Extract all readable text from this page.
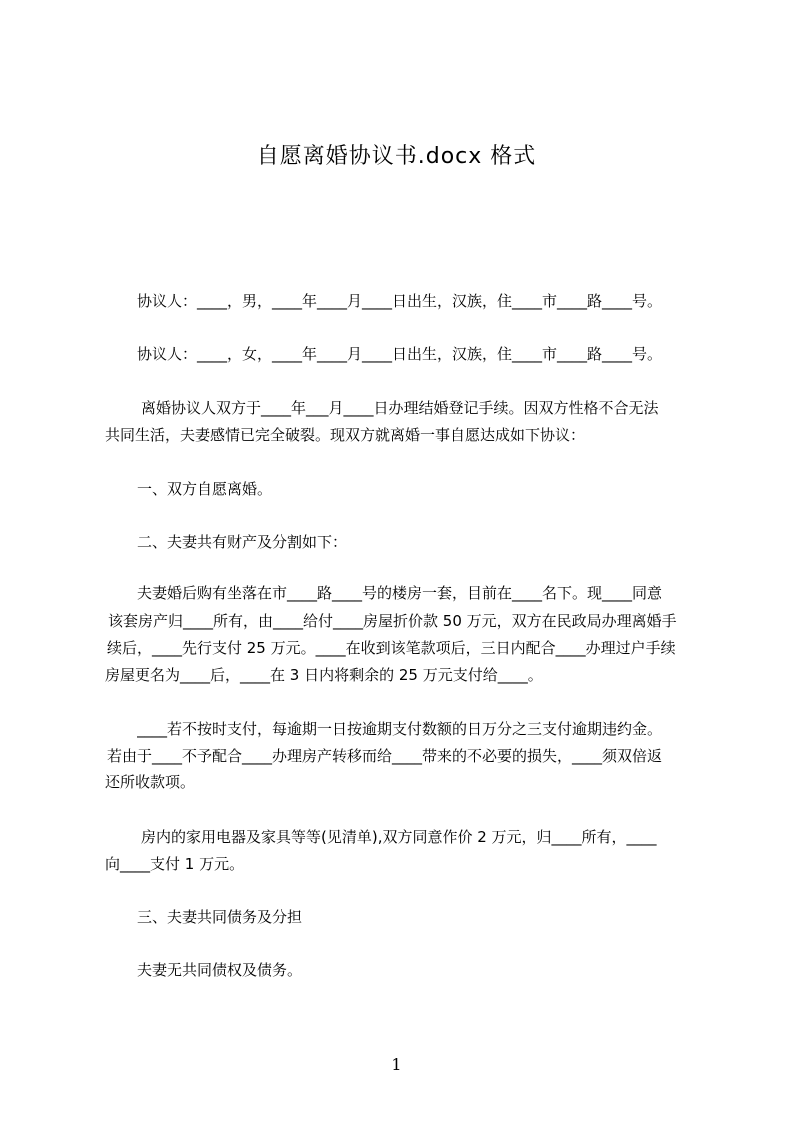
自愿离婚协议书.docx 格式
协议人：____，男，____年____月____日出生，汉族，住____市____路____号。
协议人：____，女，____年____月____日出生，汉族，住____市____路____号。
离婚协议人双方于____年___月____日办理结婚登记手续。因双方性格不合无法
共同生活，夫妻感情已完全破裂。现双方就离婚一事自愿达成如下协议：
一、双方自愿离婚。
二、夫妻共有财产及分割如下：
夫妻婚后购有坐落在市____路____号的楼房一套，目前在____名下。现____同意
该套房产归____所有，由____给付____房屋折价款 50 万元，双方在民政局办理离婚手
续后，____先行支付 25 万元。____在收到该笔款项后，三日内配合____办理过户手续
房屋更名为____后，____在 3 日内将剩余的 25 万元支付给____。
____若不按时支付，每逾期一日按逾期支付数额的日万分之三支付逾期违约金。
若由于____不予配合____办理房产转移而给____带来的不必要的损失，____须双倍返
还所收款项。
房内的家用电器及家具等等(见清单),双方同意作价 2 万元，归____所有，____
向____支付 1 万元。
三、夫妻共同债务及分担
夫妻无共同债权及债务。
1
